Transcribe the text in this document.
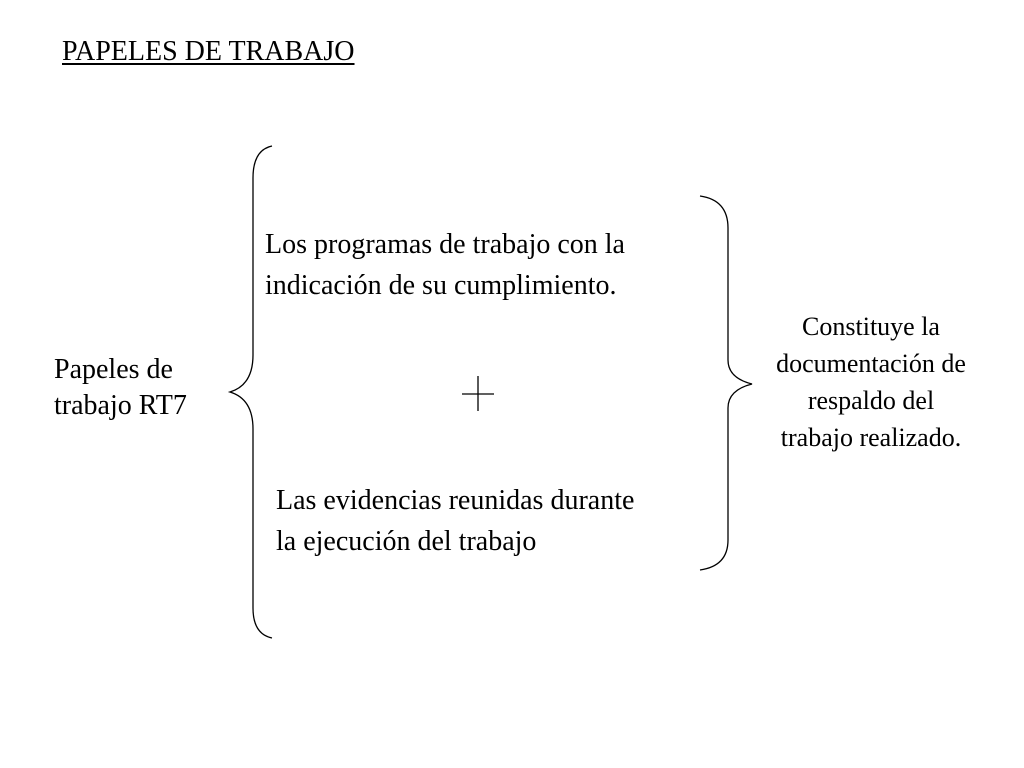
PAPELES DE TRABAJO
Papeles de
trabajo RT7
Los programas de trabajo con la
indicación de su cumplimiento.
Las evidencias reunidas durante
la ejecución del trabajo
Constituye la
documentación de
respaldo del
trabajo realizado.
